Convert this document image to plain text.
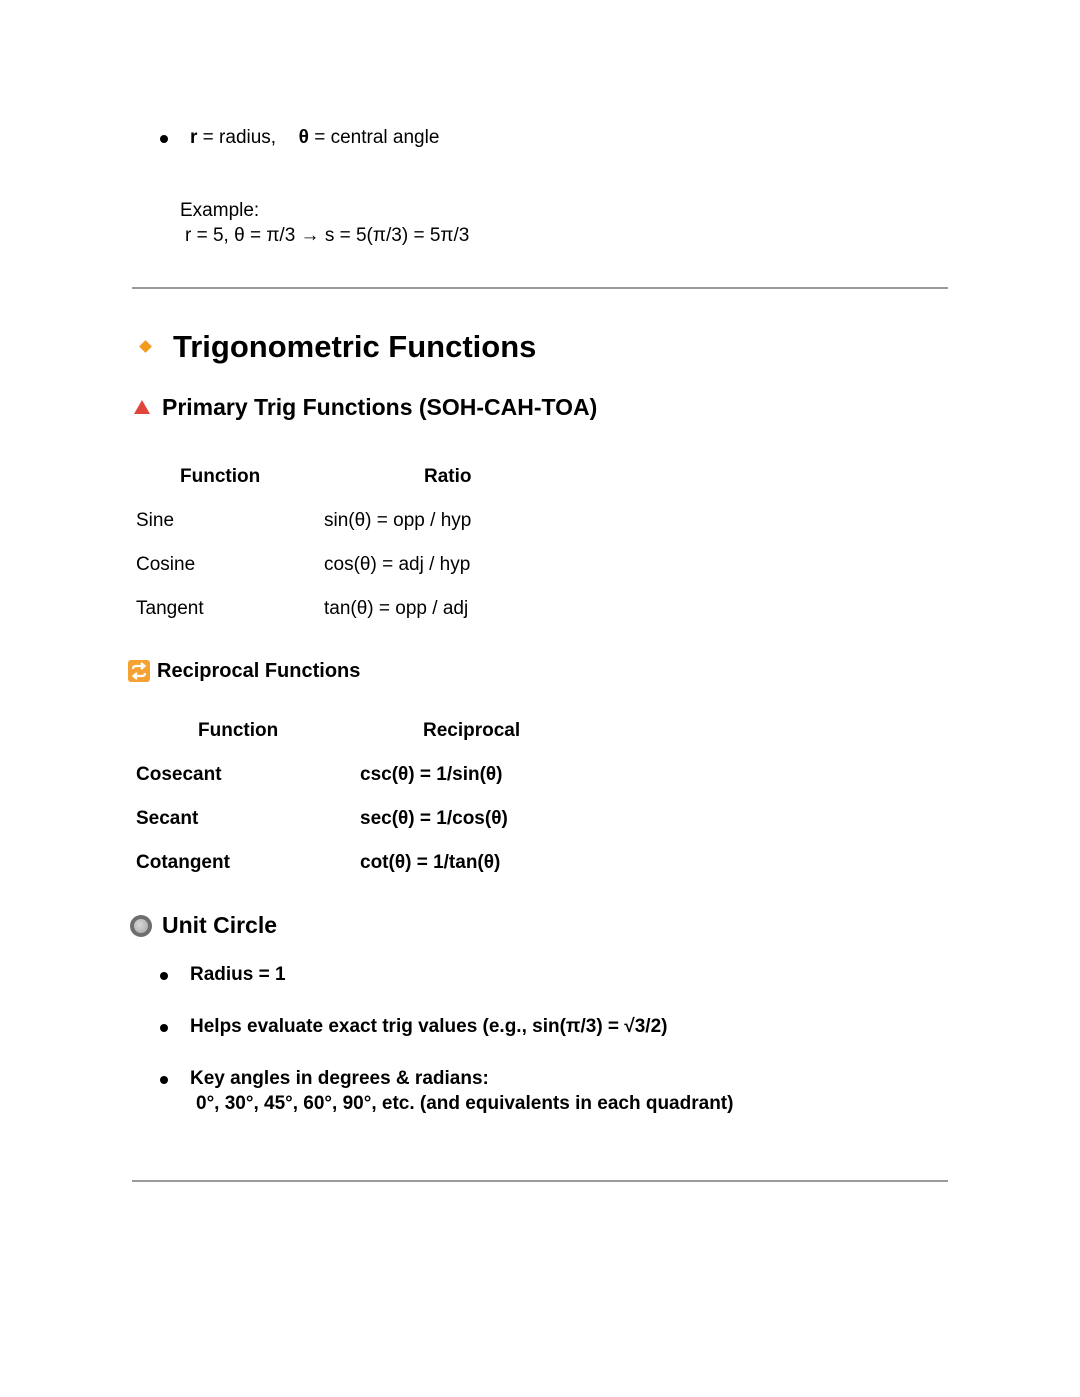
r = radius, θ = central angle
Example:
r = 5, θ = π/3 → s = 5(π/3) = 5π/3
Trigonometric Functions
Primary Trig Functions (SOH-CAH-TOA)
Function	Ratio
Sine	sin(θ) = opp / hyp
Cosine	cos(θ) = adj / hyp
Tangent	tan(θ) = opp / adj
Reciprocal Functions
Function	Reciprocal
Cosecant	csc(θ) = 1/sin(θ)
Secant	sec(θ) = 1/cos(θ)
Cotangent	cot(θ) = 1/tan(θ)
Unit Circle
Radius = 1
Helps evaluate exact trig values (e.g., sin(π/3) = √3/2)
Key angles in degrees & radians:
0°, 30°, 45°, 60°, 90°, etc. (and equivalents in each quadrant)
